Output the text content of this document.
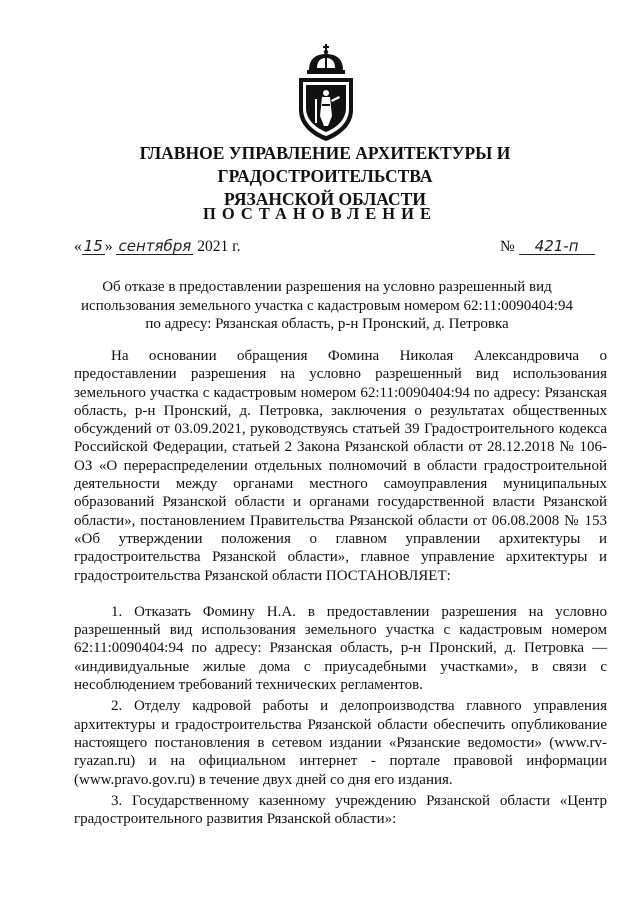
ГЛАВНОЕ УПРАВЛЕНИЕ АРХИТЕКТУРЫ И ГРАДОСТРОИТЕЛЬСТВА
РЯЗАНСКОЙ ОБЛАСТИ
ПОСТАНОВЛЕНИЕ
« 15 » сентября 2021 г.	№ 421-п
Об отказе в предоставлении разрешения на условно разрешенный вид
использования земельного участка с кадастровым номером 62:11:0090404:94
по адресу: Рязанская область, р-н Пронский, д. Петровка

На основании обращения Фомина Николая Александровича о предоставлении разрешения на условно разрешенный вид использования земельного участка с кадастровым номером 62:11:0090404:94 по адресу: Рязанская область, р-н Пронский, д. Петровка, заключения о результатах общественных обсуждений от 03.09.2021, руководствуясь статьей 39 Градостроительного кодекса Российской Федерации, статьей 2 Закона Рязанской области от 28.12.2018 № 106-ОЗ «О перераспределении отдельных полномочий в области градостроительной деятельности между органами местного самоуправления муниципальных образований Рязанской области и органами государственной власти Рязанской области», постановлением Правительства Рязанской области от 06.08.2008 № 153 «Об утверждении положения о главном управлении архитектуры и градостроительства Рязанской области», главное управление архитектуры и градостроительства Рязанской области ПОСТАНОВЛЯЕТ:

1. Отказать Фомину Н.А. в предоставлении разрешения на условно разрешенный вид использования земельного участка с кадастровым номером 62:11:0090404:94 по адресу: Рязанская область, р-н Пронский, д. Петровка — «индивидуальные жилые дома с приусадебными участками», в связи с несоблюдением требований технических регламентов.

2. Отделу кадровой работы и делопроизводства главного управления архитектуры и градостроительства Рязанской области обеспечить опубликование настоящего постановления в сетевом издании «Рязанские ведомости» (www.rv-ryazan.ru) и на официальном интернет - портале правовой информации (www.pravo.gov.ru) в течение двух дней со дня его издания.

3. Государственному казенному учреждению Рязанской области «Центр градостроительного развития Рязанской области»:
